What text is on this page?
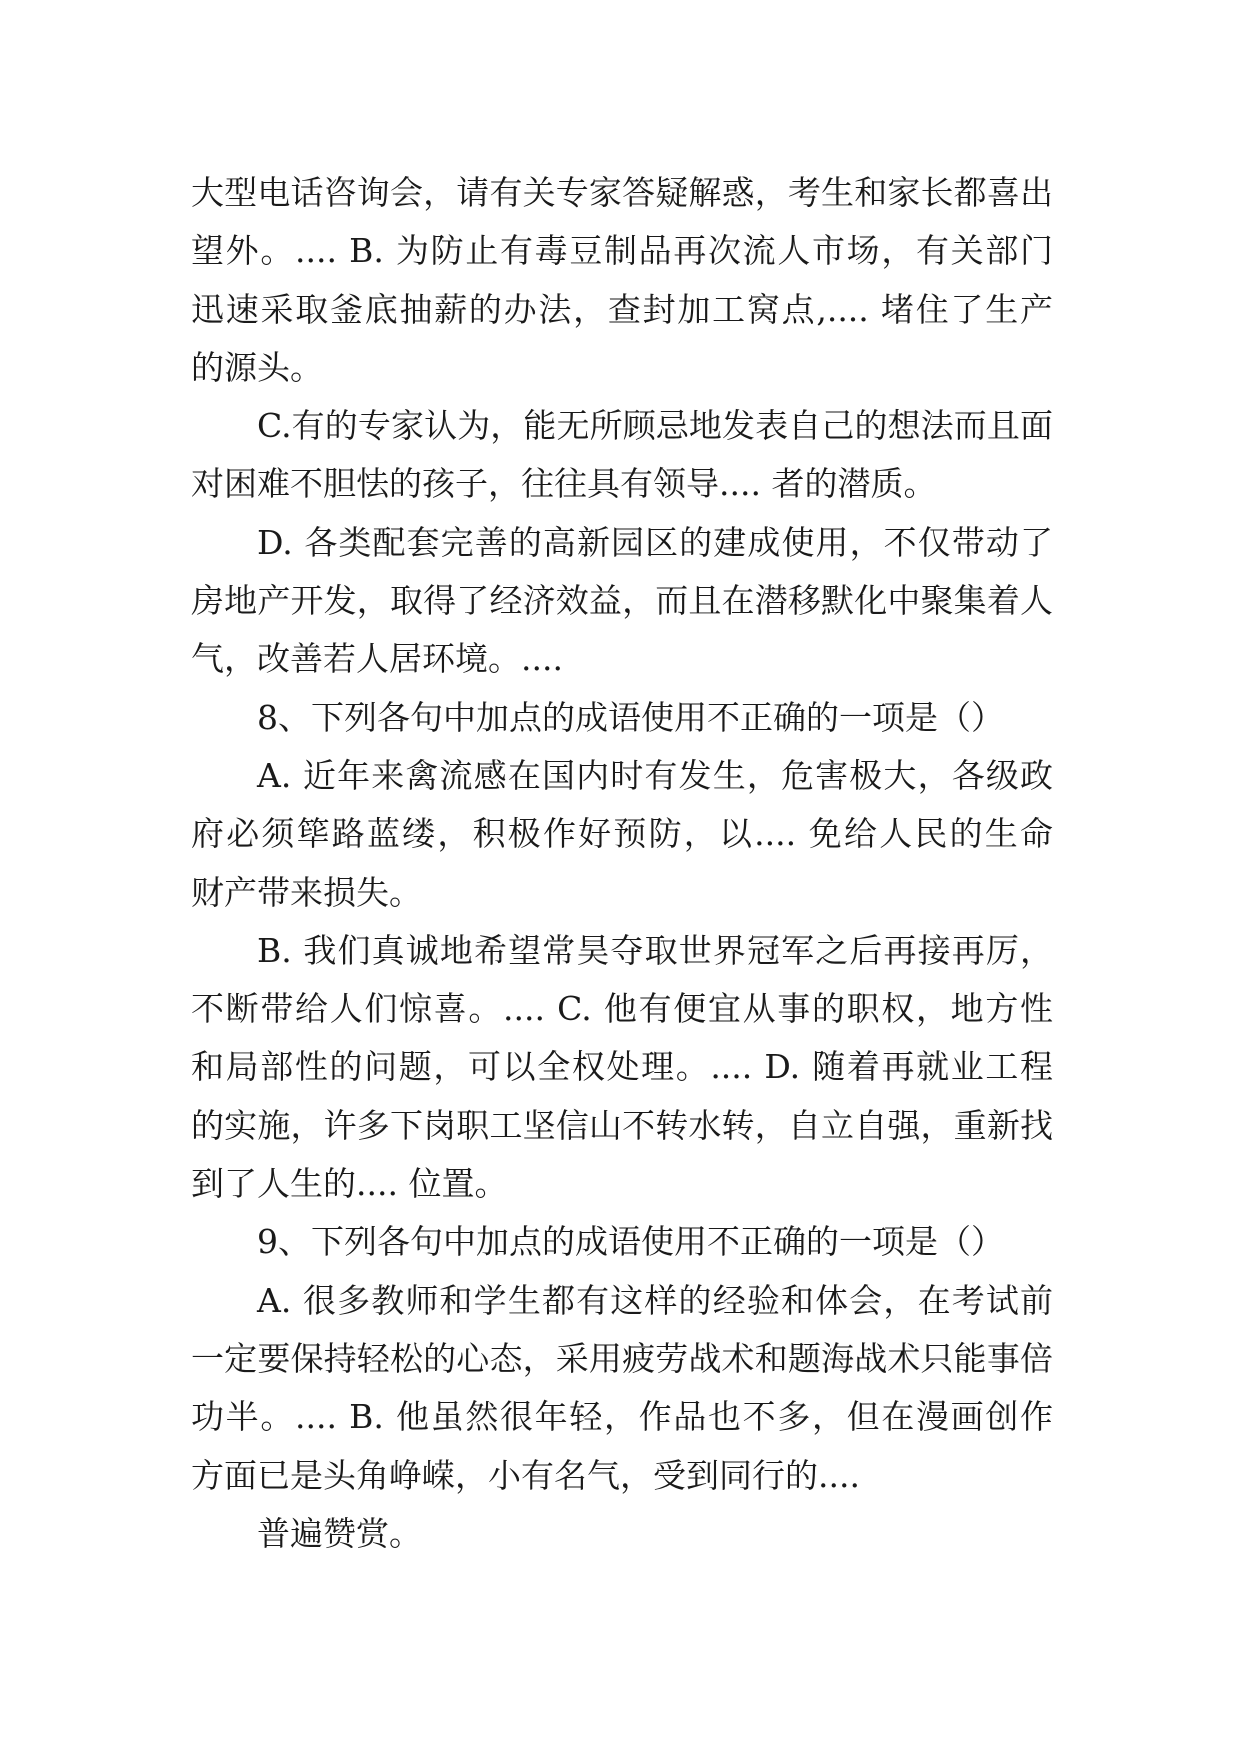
大型电话咨询会，请有关专家答疑解惑，考生和家长都喜出
望外。.... B. 为防止有毒豆制品再次流人市场，有关部门
迅速采取釜底抽薪的办法，查封加工窝点,.... 堵住了生产
的源头。
C.有的专家认为，能无所顾忌地发表自己的想法而且面
对困难不胆怯的孩子，往往具有领导.... 者的潜质。
D. 各类配套完善的高新园区的建成使用，不仅带动了
房地产开发，取得了经济效益，而且在潜移默化中聚集着人
气，改善若人居环境。....
8、下列各句中加点的成语使用不正确的一项是（）
A. 近年来禽流感在国内时有发生，危害极大，各级政
府必须筚路蓝缕，积极作好预防，以.... 免给人民的生命
财产带来损失。
B. 我们真诚地希望常昊夺取世界冠军之后再接再厉，
不断带给人们惊喜。.... C. 他有便宜从事的职权，地方性
和局部性的问题，可以全权处理。.... D. 随着再就业工程
的实施，许多下岗职工坚信山不转水转，自立自强，重新找
到了人生的.... 位置。
9、下列各句中加点的成语使用不正确的一项是（）
A. 很多教师和学生都有这样的经验和体会，在考试前
一定要保持轻松的心态，采用疲劳战术和题海战术只能事倍
功半。.... B. 他虽然很年轻，作品也不多，但在漫画创作
方面已是头角峥嵘，小有名气，受到同行的....
普遍赞赏。
